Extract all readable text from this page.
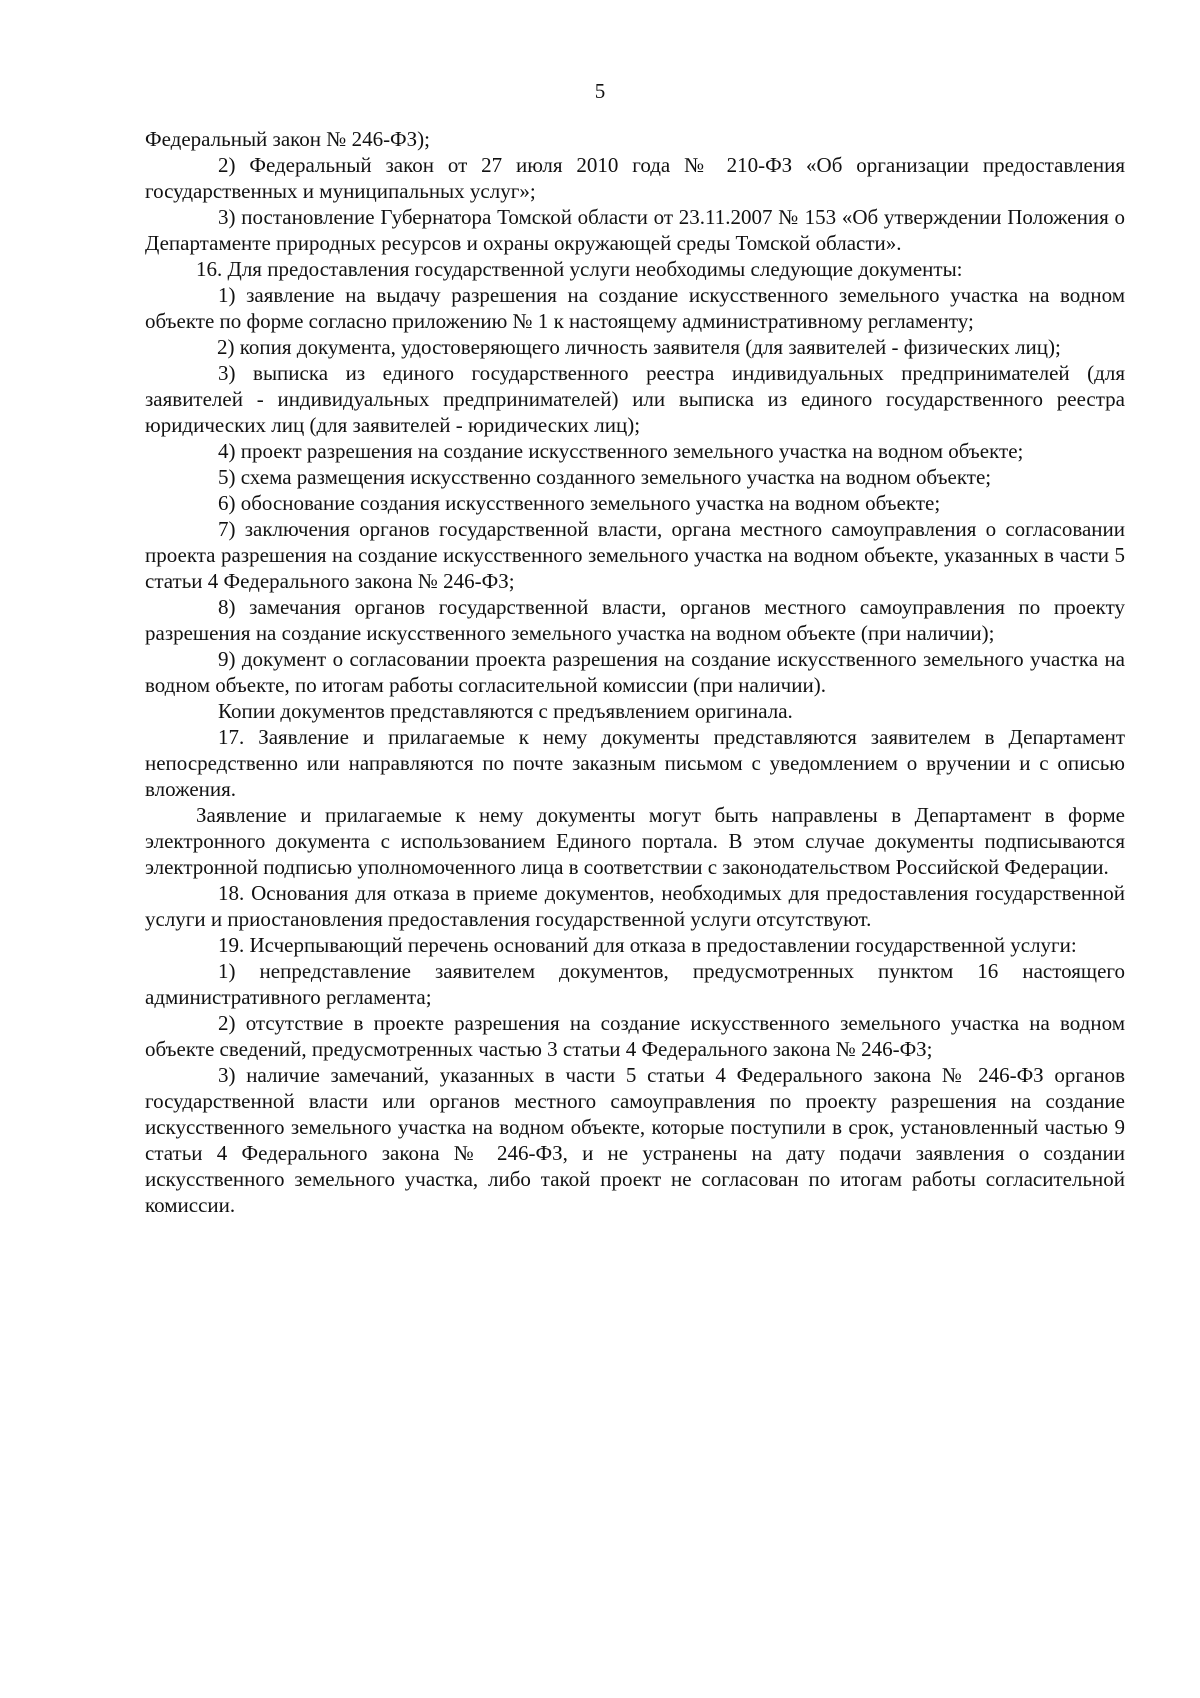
5

Федеральный закон № 246-ФЗ);

2) Федеральный закон от 27 июля 2010 года № 210-ФЗ «Об организации предоставления государственных и муниципальных услуг»;

3) постановление Губернатора Томской области от 23.11.2007 № 153 «Об утверждении Положения о Департаменте природных ресурсов и охраны окружающей среды Томской области».

16. Для предоставления государственной услуги необходимы следующие документы:

1) заявление на выдачу разрешения на создание искусственного земельного участка на водном объекте по форме согласно приложению № 1 к настоящему административному регламенту;

2) копия документа, удостоверяющего личность заявителя (для заявителей - физических лиц);

3) выписка из единого государственного реестра индивидуальных предпринимателей (для заявителей - индивидуальных предпринимателей) или выписка из единого государственного реестра юридических лиц (для заявителей - юридических лиц);

4) проект разрешения на создание искусственного земельного участка на водном объекте;

5) схема размещения искусственно созданного земельного участка на водном объекте;

6) обоснование создания искусственного земельного участка на водном объекте;

7) заключения органов государственной власти, органа местного самоуправления о согласовании проекта разрешения на создание искусственного земельного участка на водном объекте, указанных в части 5 статьи 4 Федерального закона № 246-ФЗ;

8) замечания органов государственной власти, органов местного самоуправления по проекту разрешения на создание искусственного земельного участка на водном объекте (при наличии);

9) документ о согласовании проекта разрешения на создание искусственного земельного участка на водном объекте, по итогам работы согласительной комиссии (при наличии).

Копии документов представляются с предъявлением оригинала.

17. Заявление и прилагаемые к нему документы представляются заявителем в Департамент непосредственно или направляются по почте заказным письмом с уведомлением о вручении и с описью вложения.

Заявление и прилагаемые к нему документы могут быть направлены в Департамент в форме электронного документа с использованием Единого портала. В этом случае документы подписываются электронной подписью уполномоченного лица в соответствии с законодательством Российской Федерации.

18. Основания для отказа в приеме документов, необходимых для предоставления государственной услуги и приостановления предоставления государственной услуги отсутствуют.

19. Исчерпывающий перечень оснований для отказа в предоставлении государственной услуги:

1) непредставление заявителем документов, предусмотренных пунктом 16 настоящего административного регламента;

2) отсутствие в проекте разрешения на создание искусственного земельного участка на водном объекте сведений, предусмотренных частью 3 статьи 4 Федерального закона № 246-ФЗ;

3) наличие замечаний, указанных в части 5 статьи 4 Федерального закона № 246-ФЗ органов государственной власти или органов местного самоуправления по проекту разрешения на создание искусственного земельного участка на водном объекте, которые поступили в срок, установленный частью 9 статьи 4 Федерального закона № 246-ФЗ, и не устранены на дату подачи заявления о создании искусственного земельного участка, либо такой проект не согласован по итогам работы согласительной комиссии.
